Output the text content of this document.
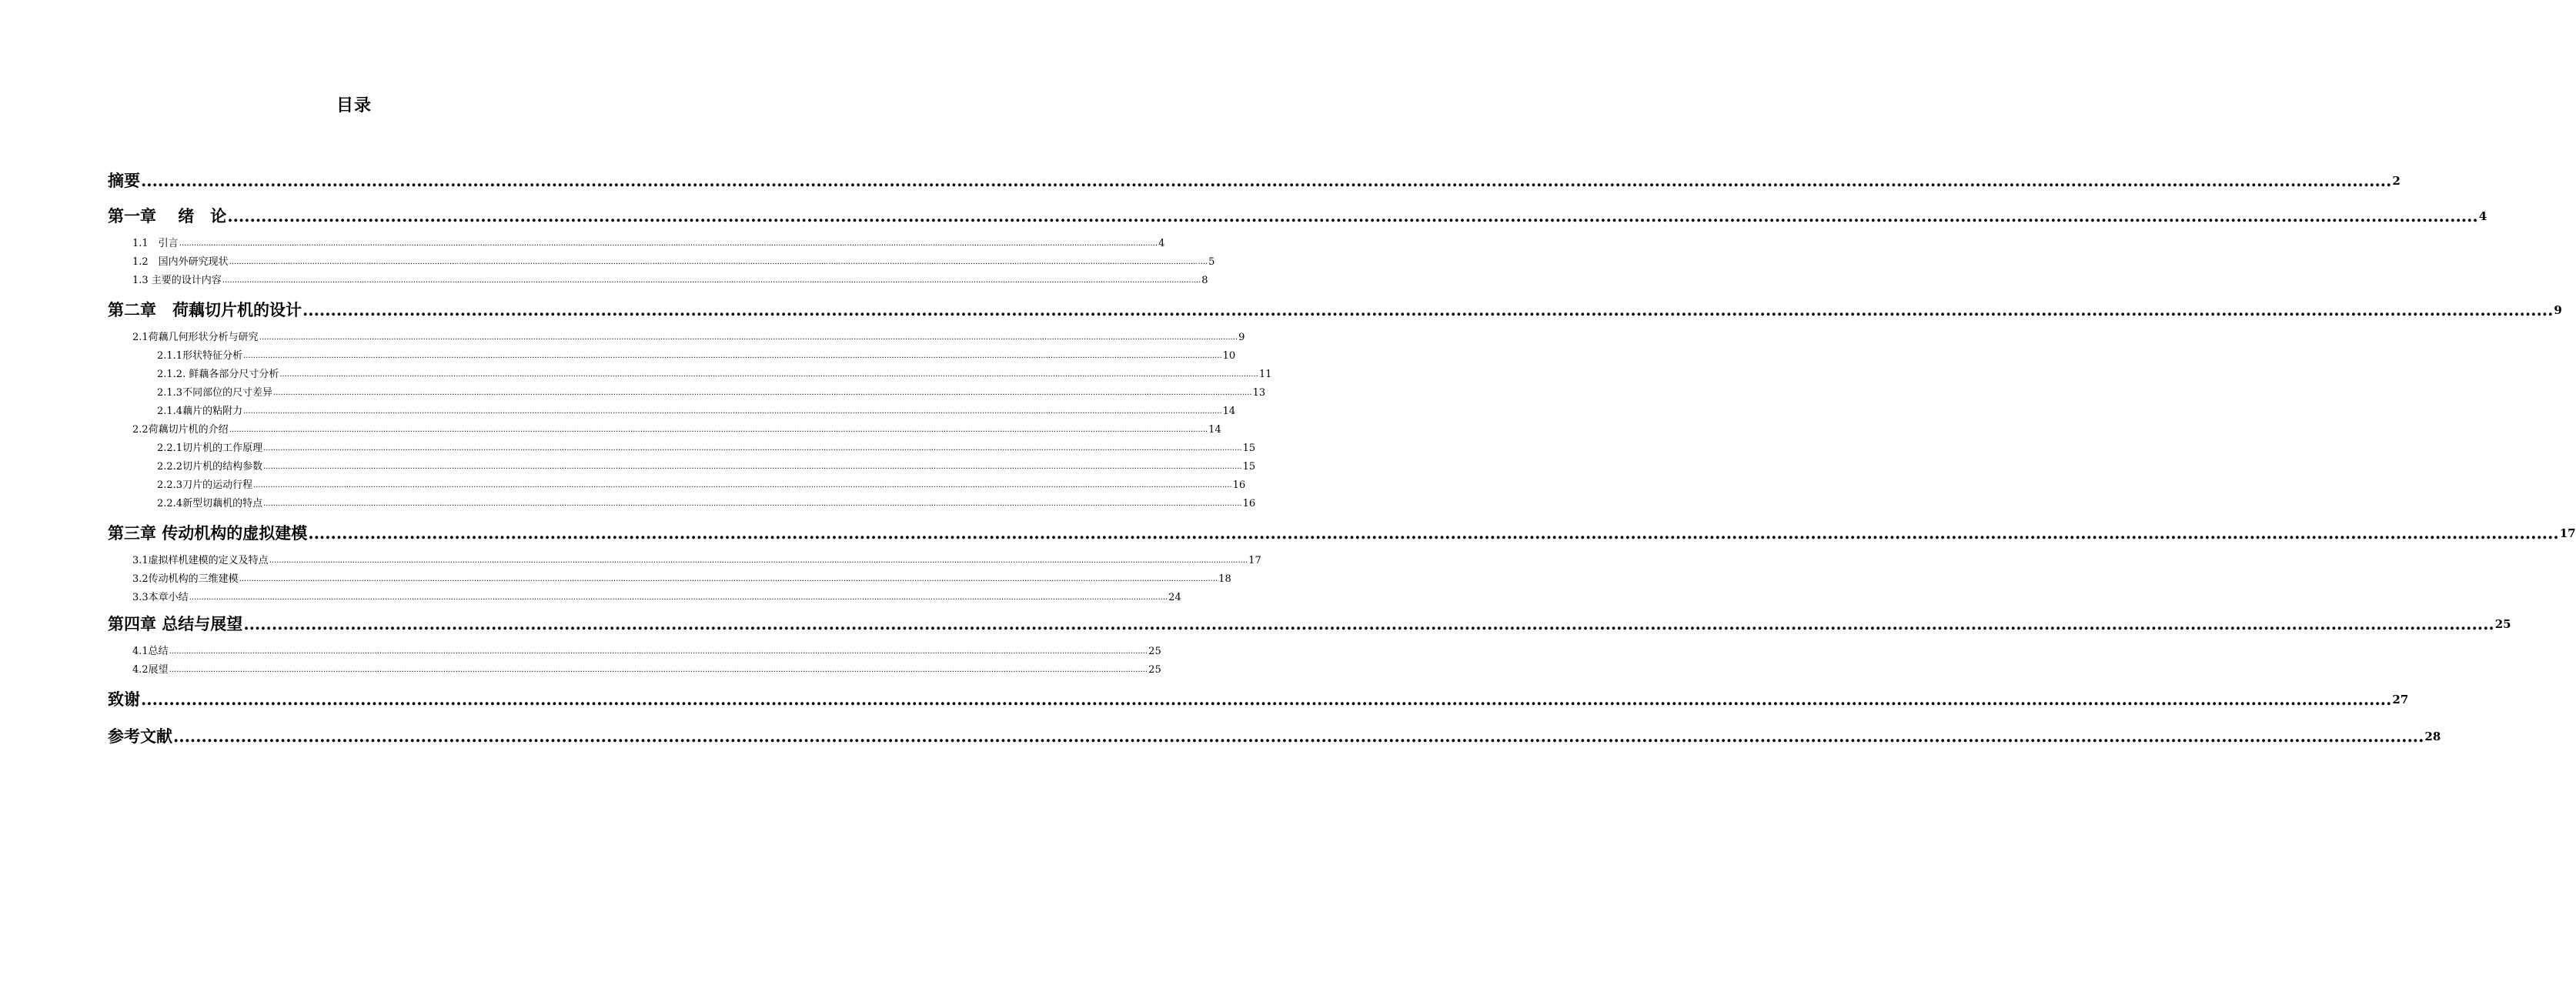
目录
摘要 ................................................................................................................................................................................................................................................................................................................................................................................................................ 2
第一章　 绪　论 ................................................................................................................................................................................................................................................................................................................................................................................................................ 4
1.1　引言 ................................................................................................................................................................................................................................................................................................................................................................................................................ 4
1.2　国内外研究现状 ................................................................................................................................................................................................................................................................................................................................................................................................................ 5
1.3 主要的设计内容 ................................................................................................................................................................................................................................................................................................................................................................................................................ 8
第二章　荷藕切片机的设计 ................................................................................................................................................................................................................................................................................................................................................................................................................ 9
2.1荷藕几何形状分析与研究 ................................................................................................................................................................................................................................................................................................................................................................................................................ 9
2.1.1形状特征分析 ................................................................................................................................................................................................................................................................................................................................................................................................................ 10
2.1.2. 鲜藕各部分尺寸分析 ................................................................................................................................................................................................................................................................................................................................................................................................................ 11
2.1.3不同部位的尺寸差异 ................................................................................................................................................................................................................................................................................................................................................................................................................ 13
2.1.4藕片的粘附力 ................................................................................................................................................................................................................................................................................................................................................................................................................ 14
2.2荷藕切片机的介绍 ................................................................................................................................................................................................................................................................................................................................................................................................................ 14
2.2.1切片机的工作原理 ................................................................................................................................................................................................................................................................................................................................................................................................................ 15
2.2.2切片机的结构参数 ................................................................................................................................................................................................................................................................................................................................................................................................................ 15
2.2.3刀片的运动行程 ................................................................................................................................................................................................................................................................................................................................................................................................................ 16
2.2.4新型切藕机的特点 ................................................................................................................................................................................................................................................................................................................................................................................................................ 16
第三章 传动机构的虚拟建模 ................................................................................................................................................................................................................................................................................................................................................................................................................ 17
3.1虚拟样机建模的定义及特点 ................................................................................................................................................................................................................................................................................................................................................................................................................ 17
3.2传动机构的三维建模 ................................................................................................................................................................................................................................................................................................................................................................................................................ 18
3.3本章小结 ................................................................................................................................................................................................................................................................................................................................................................................................................ 24
第四章 总结与展望 ................................................................................................................................................................................................................................................................................................................................................................................................................ 25
4.1总结 ................................................................................................................................................................................................................................................................................................................................................................................................................ 25
4.2展望 ................................................................................................................................................................................................................................................................................................................................................................................................................ 25
致谢 ................................................................................................................................................................................................................................................................................................................................................................................................................ 27
参考文献 ................................................................................................................................................................................................................................................................................................................................................................................................................ 28
